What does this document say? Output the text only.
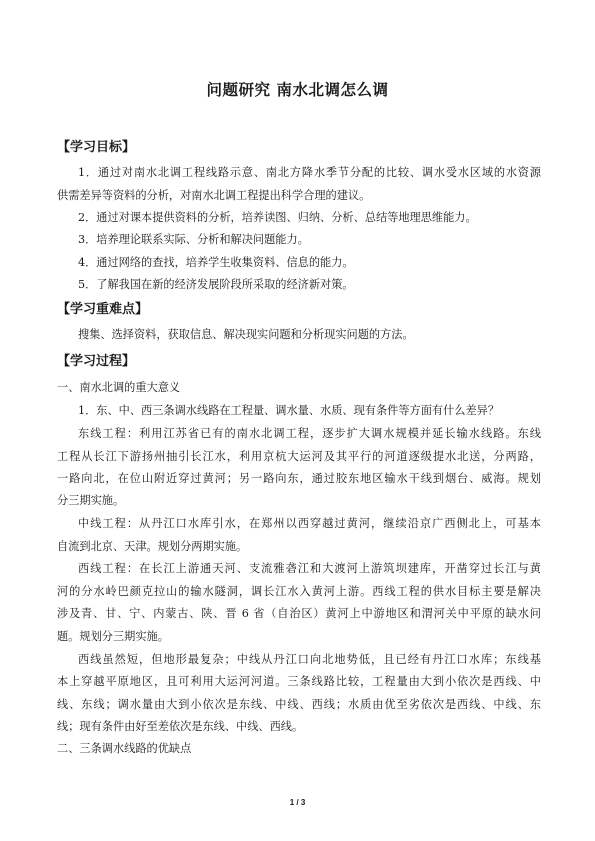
问题研究 南水北调怎么调
【学习目标】
1．通过对南水北调工程线路示意、南北方降水季节分配的比较、调水受水区域的水资源
供需差异等资料的分析，对南水北调工程提出科学合理的建议。
2．通过对课本提供资料的分析，培养读图、归纳、分析、总结等地理思维能力。
3．培养理论联系实际、分析和解决问题能力。
4．通过网络的查找，培养学生收集资料、信息的能力。
5．了解我国在新的经济发展阶段所采取的经济新对策。
【学习重难点】
搜集、选择资料，获取信息、解决现实问题和分析现实问题的方法。
【学习过程】
一、南水北调的重大意义
1．东、中、西三条调水线路在工程量、调水量、水质、现有条件等方面有什么差异？
东线工程：利用江苏省已有的南水北调工程，逐步扩大调水规模并延长输水线路。东线
工程从长江下游扬州抽引长江水，利用京杭大运河及其平行的河道逐级提水北送，分两路，
一路向北，在位山附近穿过黄河；另一路向东，通过胶东地区输水干线到烟台、威海。规划
分三期实施。
中线工程：从丹江口水库引水，在郑州以西穿越过黄河，继续沿京广西侧北上，可基本
自流到北京、天津。规划分两期实施。
西线工程：在长江上游通天河、支流雅砻江和大渡河上游筑坝建库，开凿穿过长江与黄
河的分水岭巴颜克拉山的输水隧洞，调长江水入黄河上游。西线工程的供水目标主要是解决
涉及青、甘、宁、内蒙古、陕、晋 6 省（自治区）黄河上中游地区和渭河关中平原的缺水问
题。规划分三期实施。
西线虽然短，但地形最复杂；中线从丹江口向北地势低，且已经有丹江口水库；东线基
本上穿越平原地区，且可利用大运河河道。三条线路比较，工程量由大到小依次是西线、中
线、东线；调水量由大到小依次是东线、中线、西线；水质由优至劣依次是西线、中线、东
线；现有条件由好至差依次是东线、中线、西线。
二、三条调水线路的优缺点
1 / 3
